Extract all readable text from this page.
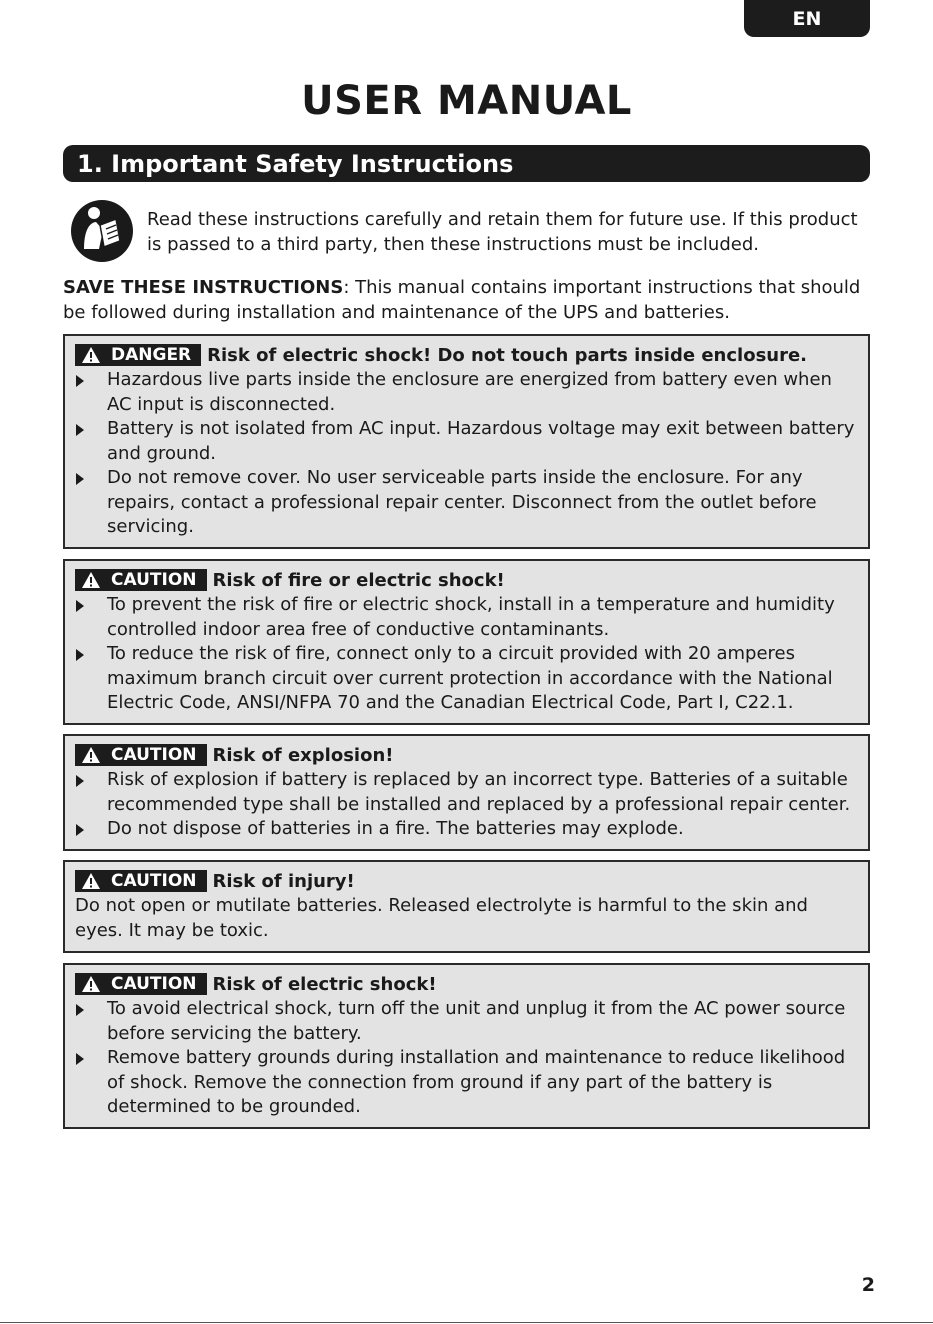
EN
USER MANUAL
1. Important Safety Instructions
Read these instructions carefully and retain them for future use. If this product is passed to a third party, then these instructions must be included.
SAVE THESE INSTRUCTIONS: This manual contains important instructions that should be followed during installation and maintenance of the UPS and batteries.
DANGER Risk of electric shock! Do not touch parts inside enclosure.
Hazardous live parts inside the enclosure are energized from battery even when AC input is disconnected.
Battery is not isolated from AC input. Hazardous voltage may exit between battery and ground.
Do not remove cover. No user serviceable parts inside the enclosure. For any repairs, contact a professional repair center. Disconnect from the outlet before servicing.
CAUTION Risk of fire or electric shock!
To prevent the risk of fire or electric shock, install in a temperature and humidity controlled indoor area free of conductive contaminants.
To reduce the risk of fire, connect only to a circuit provided with 20 amperes maximum branch circuit over current protection in accordance with the National Electric Code, ANSI/NFPA 70 and the Canadian Electrical Code, Part I, C22.1.
CAUTION Risk of explosion!
Risk of explosion if battery is replaced by an incorrect type. Batteries of a suitable recommended type shall be installed and replaced by a professional repair center.
Do not dispose of batteries in a fire. The batteries may explode.
CAUTION Risk of injury!
Do not open or mutilate batteries. Released electrolyte is harmful to the skin and eyes. It may be toxic.
CAUTION Risk of electric shock!
To avoid electrical shock, turn off the unit and unplug it from the AC power source before servicing the battery.
Remove battery grounds during installation and maintenance to reduce likelihood of shock. Remove the connection from ground if any part of the battery is determined to be grounded.
2
